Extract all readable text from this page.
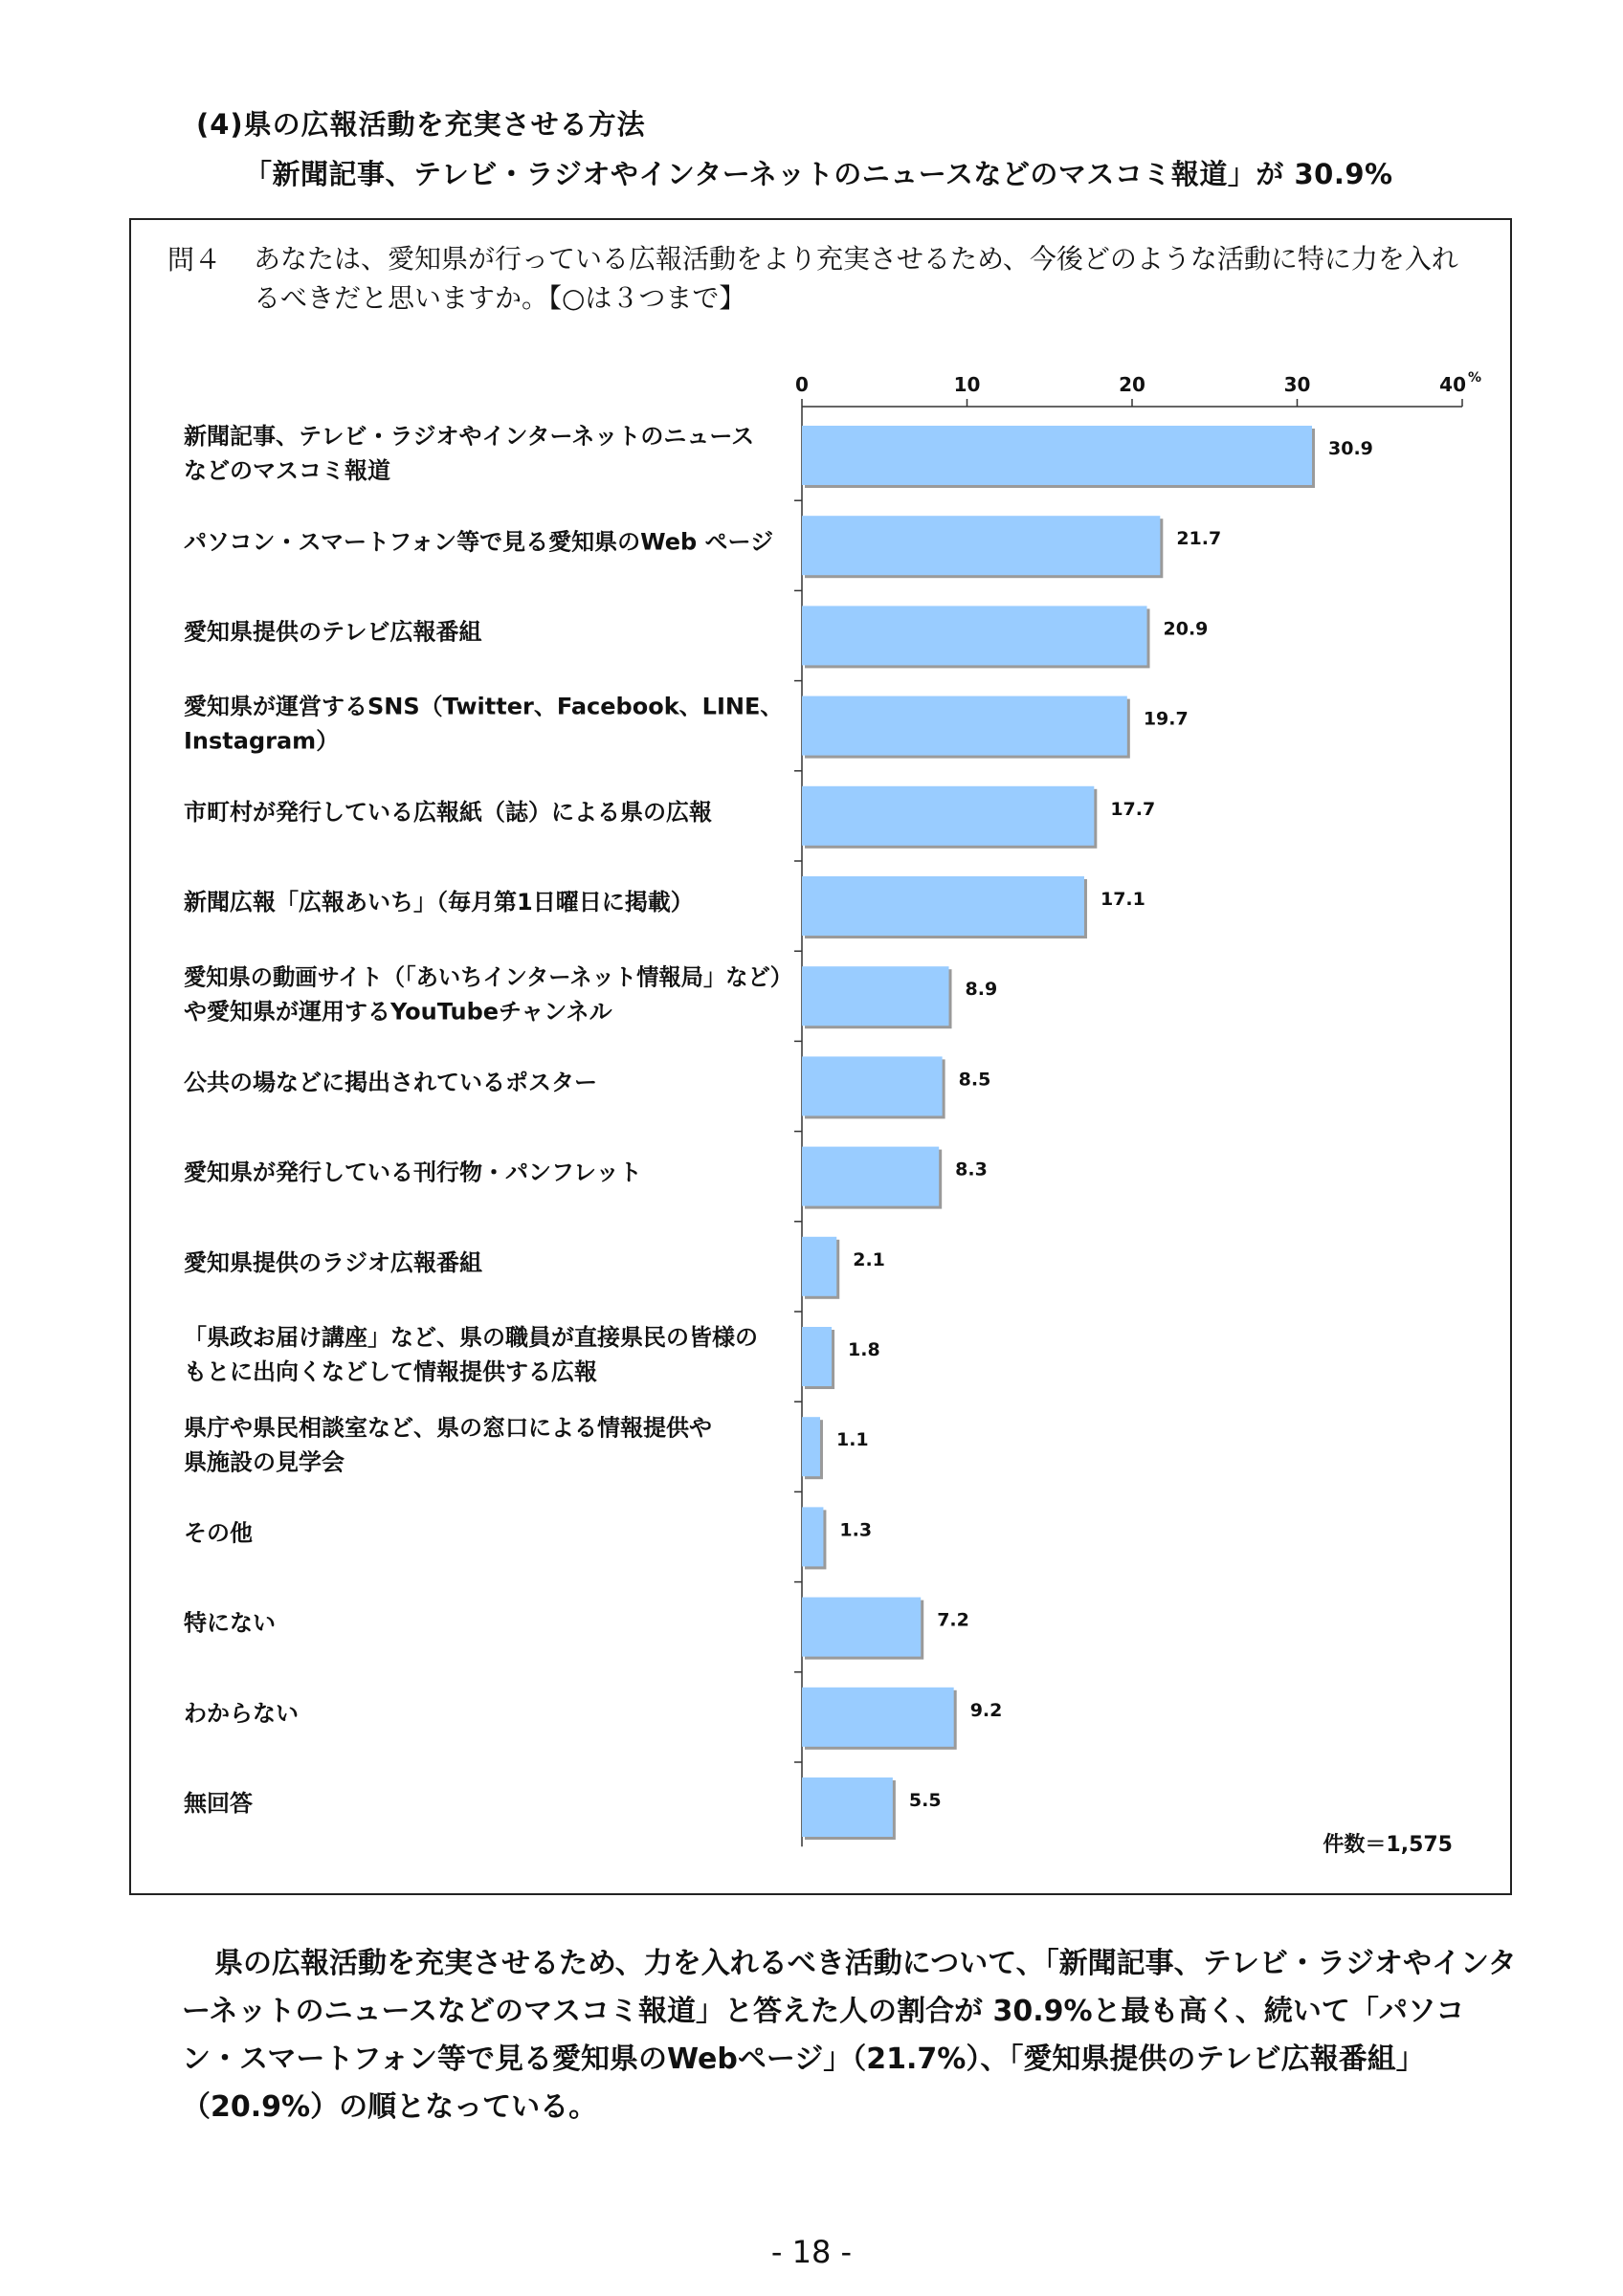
(4)県の広報活動を充実させる方法
「新聞記事、テレビ・ラジオやインターネットのニュースなどのマスコミ報道」が 30.9%
問４ あなたは、愛知県が行っている広報活動をより充実させるため、今後どのような活動に特に力を入れるべきだと思いますか。【○は３つまで】
0	10	20	30	40 %
30.9
新聞記事、テレビ・ラジオやインターネットのニュース
などのマスコミ報道
21.7
パソコン・スマートフォン等で見る愛知県のWeb ページ
20.9
愛知県提供のテレビ広報番組
19.7
愛知県が運営するSNS（Twitter、Facebook、LINE、
Instagram）
17.7
市町村が発行している広報紙（誌）による県の広報
17.1
新聞広報「広報あいち」（毎月第1日曜日に掲載）
8.9
愛知県の動画サイト（「あいちインターネット情報局」など）
や愛知県が運用するYouTubeチャンネル
8.5
公共の場などに掲出されているポスター
8.3
愛知県が発行している刊行物・パンフレット
2.1
愛知県提供のラジオ広報番組
1.8
「県政お届け講座」など、県の職員が直接県民の皆様の
もとに出向くなどして情報提供する広報
1.1
県庁や県民相談室など、県の窓口による情報提供や
県施設の見学会
1.3
その他
7.2
特にない
9.2
わからない
5.5
無回答
件数＝1,575
県の広報活動を充実させるため、力を入れるべき活動について、「新聞記事、テレビ・ラジオやインターネットのニュースなどのマスコミ報道」と答えた人の割合が 30.9%と最も高く、続いて「パソコン・スマートフォン等で見る愛知県のWebページ」（21.7%）、「愛知県提供のテレビ広報番組」（20.9%）の順となっている。
- 18 -
